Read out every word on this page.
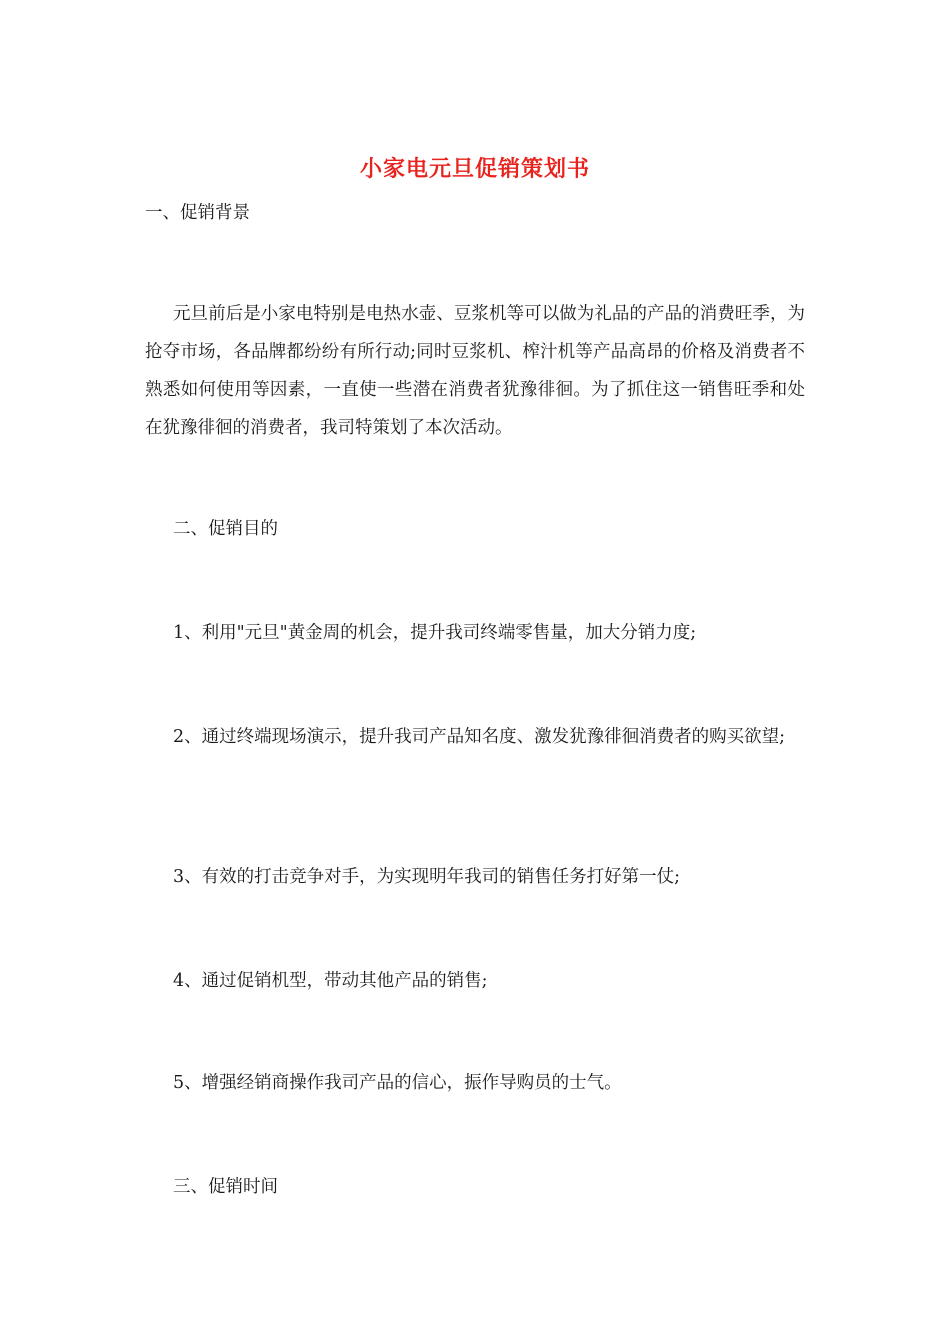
小家电元旦促销策划书

一、促销背景

元旦前后是小家电特别是电热水壶、豆浆机等可以做为礼品的产品的消费旺季，为抢夺市场，各品牌都纷纷有所行动;同时豆浆机、榨汁机等产品高昂的价格及消费者不熟悉如何使用等因素，一直使一些潜在消费者犹豫徘徊。为了抓住这一销售旺季和处在犹豫徘徊的消费者，我司特策划了本次活动。

二、促销目的

1、利用"元旦"黄金周的机会，提升我司终端零售量，加大分销力度;

2、通过终端现场演示，提升我司产品知名度、激发犹豫徘徊消费者的购买欲望;

3、有效的打击竞争对手，为实现明年我司的销售任务打好第一仗;

4、通过促销机型，带动其他产品的销售;

5、增强经销商操作我司产品的信心，振作导购员的士气。

三、促销时间
